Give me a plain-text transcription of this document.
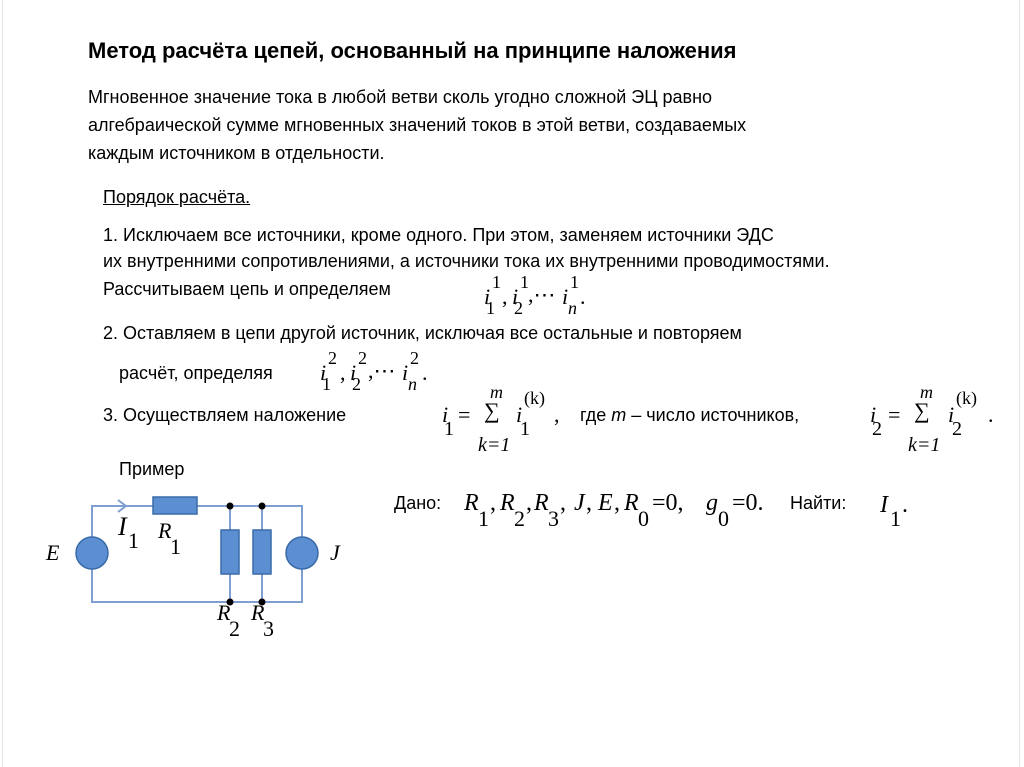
Метод расчёта цепей, основанный на принципе наложения
Мгновенное значение тока в любой ветви сколь угодно сложной ЭЦ равно
алгебраической сумме мгновенных значений токов в этой ветви, создаваемых
каждым источником в отдельности.
Порядок расчёта.
1. Исключаем все источники, кроме одного. При этом, заменяем источники ЭДС
их внутренними сопротивлениями, а источники тока их внутренними проводимостями.
Рассчитываем цепь и определяем	i
1
1 , i
1
2
,⋯ i
1
n .
2. Оставляем в цепи другой источник, исключая все остальные и повторяем
расчёт, определяя i
2
1 , i
2
2
,⋯ i
2
n .
3. Осуществляем наложение	i
1
=
m
∑
k=1
i
(k)
1
, где m – число источников,	i
2
=
m
∑
k=1
i
(k)
2
.
Пример
Дано: R
1
, R
2
, R
3
, J , E , R
0
=0, g
0
=0. Найти: I
1
.
E	J
I 1 R
1
R
2
R
3
